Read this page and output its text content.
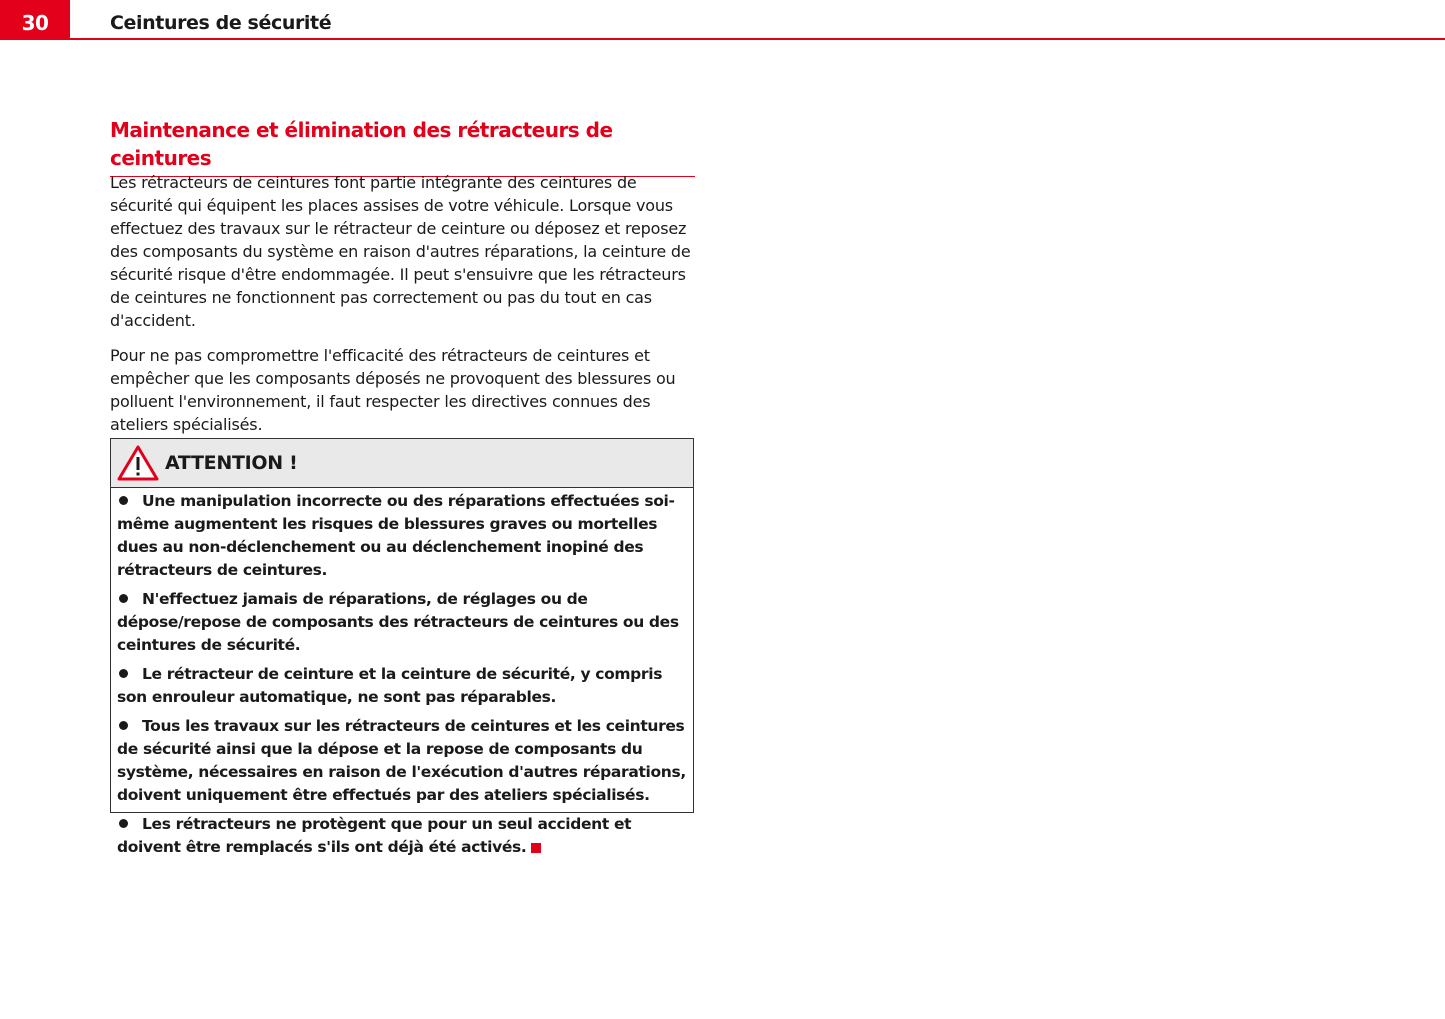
30	Ceintures de sécurité
Maintenance et élimination des rétracteurs de ceintures

Les rétracteurs de ceintures font partie intégrante des ceintures de sécurité qui équipent les places assises de votre véhicule. Lorsque vous effectuez des travaux sur le rétracteur de ceinture ou déposez et reposez des composants du système en raison d'autres réparations, la ceinture de sécurité risque d'être endommagée. Il peut s'ensuivre que les rétracteurs de ceintures ne fonctionnent pas correctement ou pas du tout en cas d'accident.

Pour ne pas compromettre l'efficacité des rétracteurs de ceintures et empêcher que les composants déposés ne provoquent des blessures ou polluent l'environnement, il faut respecter les directives connues des ateliers spécialisés.

ATTENTION !
Une manipulation incorrecte ou des réparations effectuées soi-même augmentent les risques de blessures graves ou mortelles dues au non-déclenchement ou au déclenchement inopiné des rétracteurs de ceintures.
N'effectuez jamais de réparations, de réglages ou de dépose/repose de composants des rétracteurs de ceintures ou des ceintures de sécurité.
Le rétracteur de ceinture et la ceinture de sécurité, y compris son enrouleur automatique, ne sont pas réparables.
Tous les travaux sur les rétracteurs de ceintures et les ceintures de sécurité ainsi que la dépose et la repose de composants du système, nécessaires en raison de l'exécution d'autres réparations, doivent uniquement être effectués par des ateliers spécialisés.
Les rétracteurs ne protègent que pour un seul accident et doivent être remplacés s'ils ont déjà été activés.
